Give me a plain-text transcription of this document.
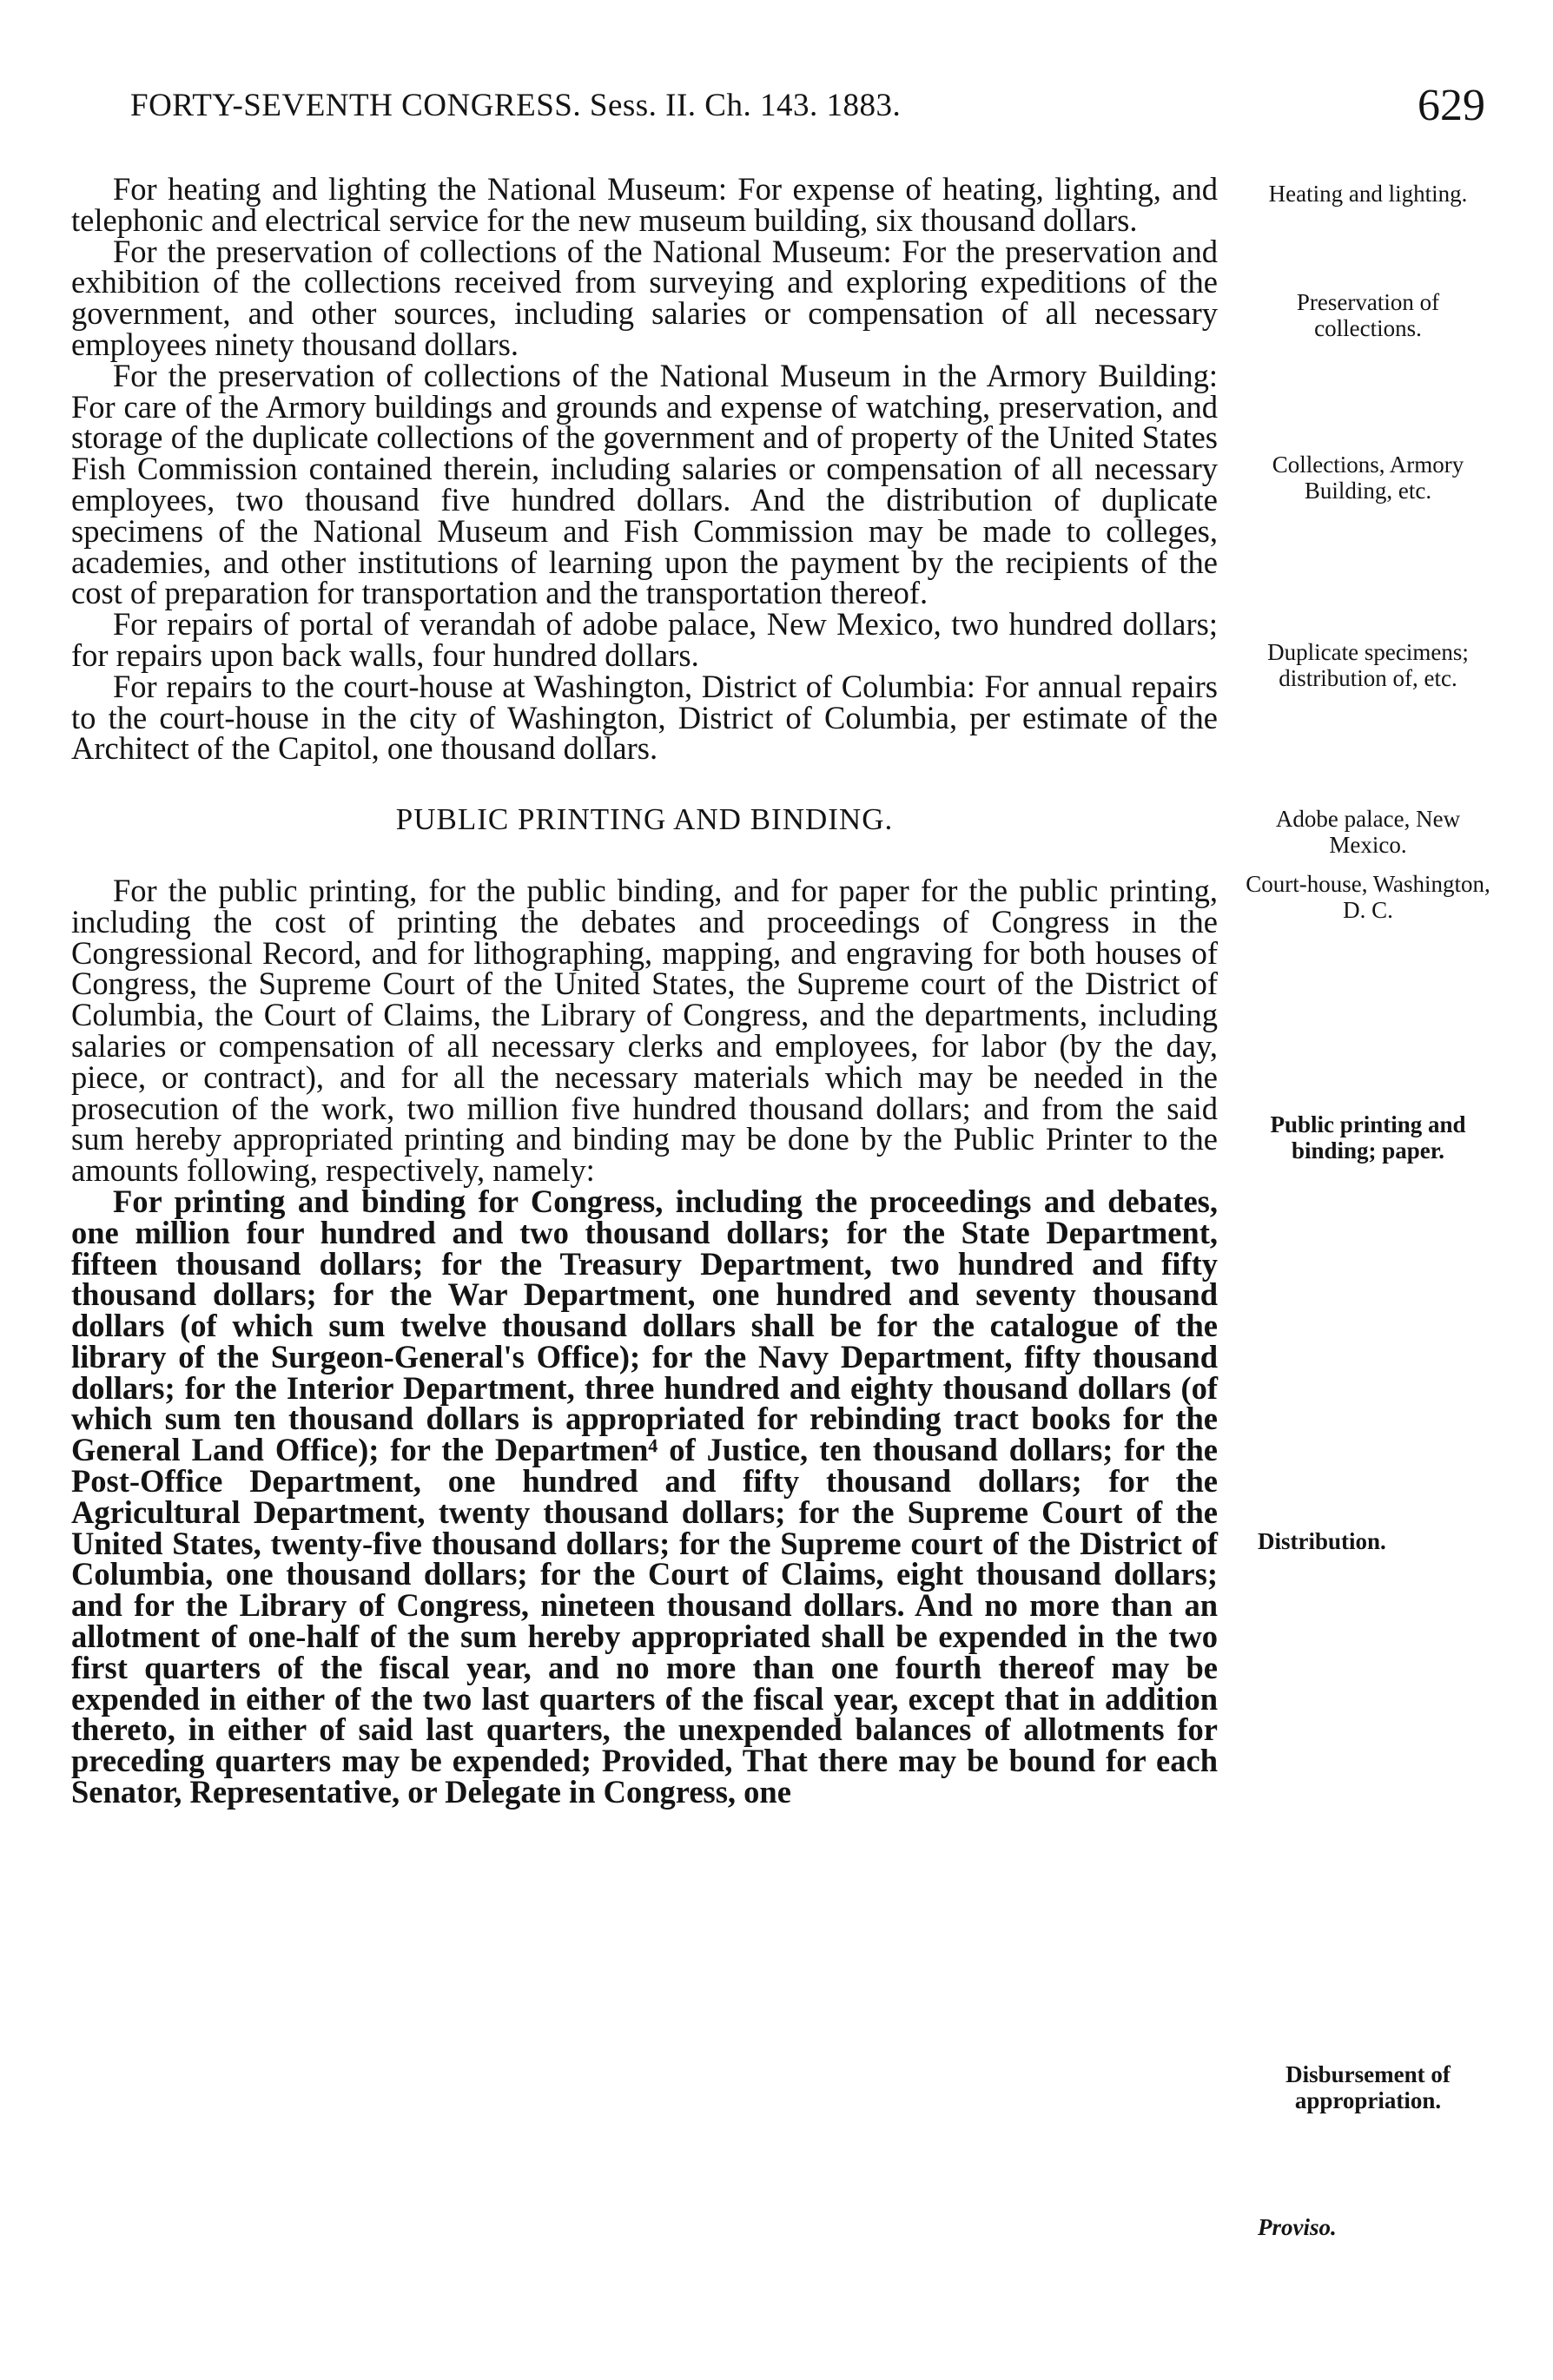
FORTY-SEVENTH CONGRESS. Sess. II. Ch. 143. 1883.	629

For heating and lighting the National Museum: For expense of heating, lighting, and telephonic and electrical service for the new museum building, six thousand dollars.

For the preservation of collections of the National Museum: For the preservation and exhibition of the collections received from surveying and exploring expeditions of the government, and other sources, including salaries or compensation of all necessary employees ninety thousand dollars.

For the preservation of collections of the National Museum in the Armory Building: For care of the Armory buildings and grounds and expense of watching, preservation, and storage of the duplicate collections of the government and of property of the United States Fish Commission contained therein, including salaries or compensation of all necessary employees, two thousand five hundred dollars. And the distribution of duplicate specimens of the National Museum and Fish Commission may be made to colleges, academies, and other institutions of learning upon the payment by the recipients of the cost of preparation for transportation and the transportation thereof.

For repairs of portal of verandah of adobe palace, New Mexico, two hundred dollars; for repairs upon back walls, four hundred dollars.

For repairs to the court-house at Washington, District of Columbia: For annual repairs to the court-house in the city of Washington, District of Columbia, per estimate of the Architect of the Capitol, one thousand dollars.

PUBLIC PRINTING AND BINDING.

For the public printing, for the public binding, and for paper for the public printing, including the cost of printing the debates and proceedings of Congress in the Congressional Record, and for lithographing, mapping, and engraving for both houses of Congress, the Supreme Court of the United States, the Supreme court of the District of Columbia, the Court of Claims, the Library of Congress, and the departments, including salaries or compensation of all necessary clerks and employees, for labor (by the day, piece, or contract), and for all the necessary materials which may be needed in the prosecution of the work, two million five hundred thousand dollars; and from the said sum hereby appropriated printing and binding may be done by the Public Printer to the amounts following, respectively, namely:

For printing and binding for Congress, including the proceedings and debates, one million four hundred and two thousand dollars; for the State Department, fifteen thousand dollars; for the Treasury Department, two hundred and fifty thousand dollars; for the War Department, one hundred and seventy thousand dollars (of which sum twelve thousand dollars shall be for the catalogue of the library of the Surgeon-General's Office); for the Navy Department, fifty thousand dollars; for the Interior Department, three hundred and eighty thousand dollars (of which sum ten thousand dollars is appropriated for rebinding tract books for the General Land Office); for the Departmen⁴ of Justice, ten thousand dollars; for the Post-Office Department, one hundred and fifty thousand dollars; for the Agricultural Department, twenty thousand dollars; for the Supreme Court of the United States, twenty-five thousand dollars; for the Supreme court of the District of Columbia, one thousand dollars; for the Court of Claims, eight thousand dollars; and for the Library of Congress, nineteen thousand dollars. And no more than an allotment of one-half of the sum hereby appropriated shall be expended in the two first quarters of the fiscal year, and no more than one fourth thereof may be expended in either of the two last quarters of the fiscal year, except that in addition thereto, in either of said last quarters, the unexpended balances of allotments for preceding quarters may be expended; Provided, That there may be bound for each Senator, Representative, or Delegate in Congress, one

Heating and lighting.
Preservation of collections.
Collections, Armory Building, etc.
Duplicate specimens; distribution of, etc.
Adobe palace, New Mexico.
Court-house, Washington, D. C.
Public printing and binding; paper.
Distribution.
Disbursement of appropriation.
Proviso.
